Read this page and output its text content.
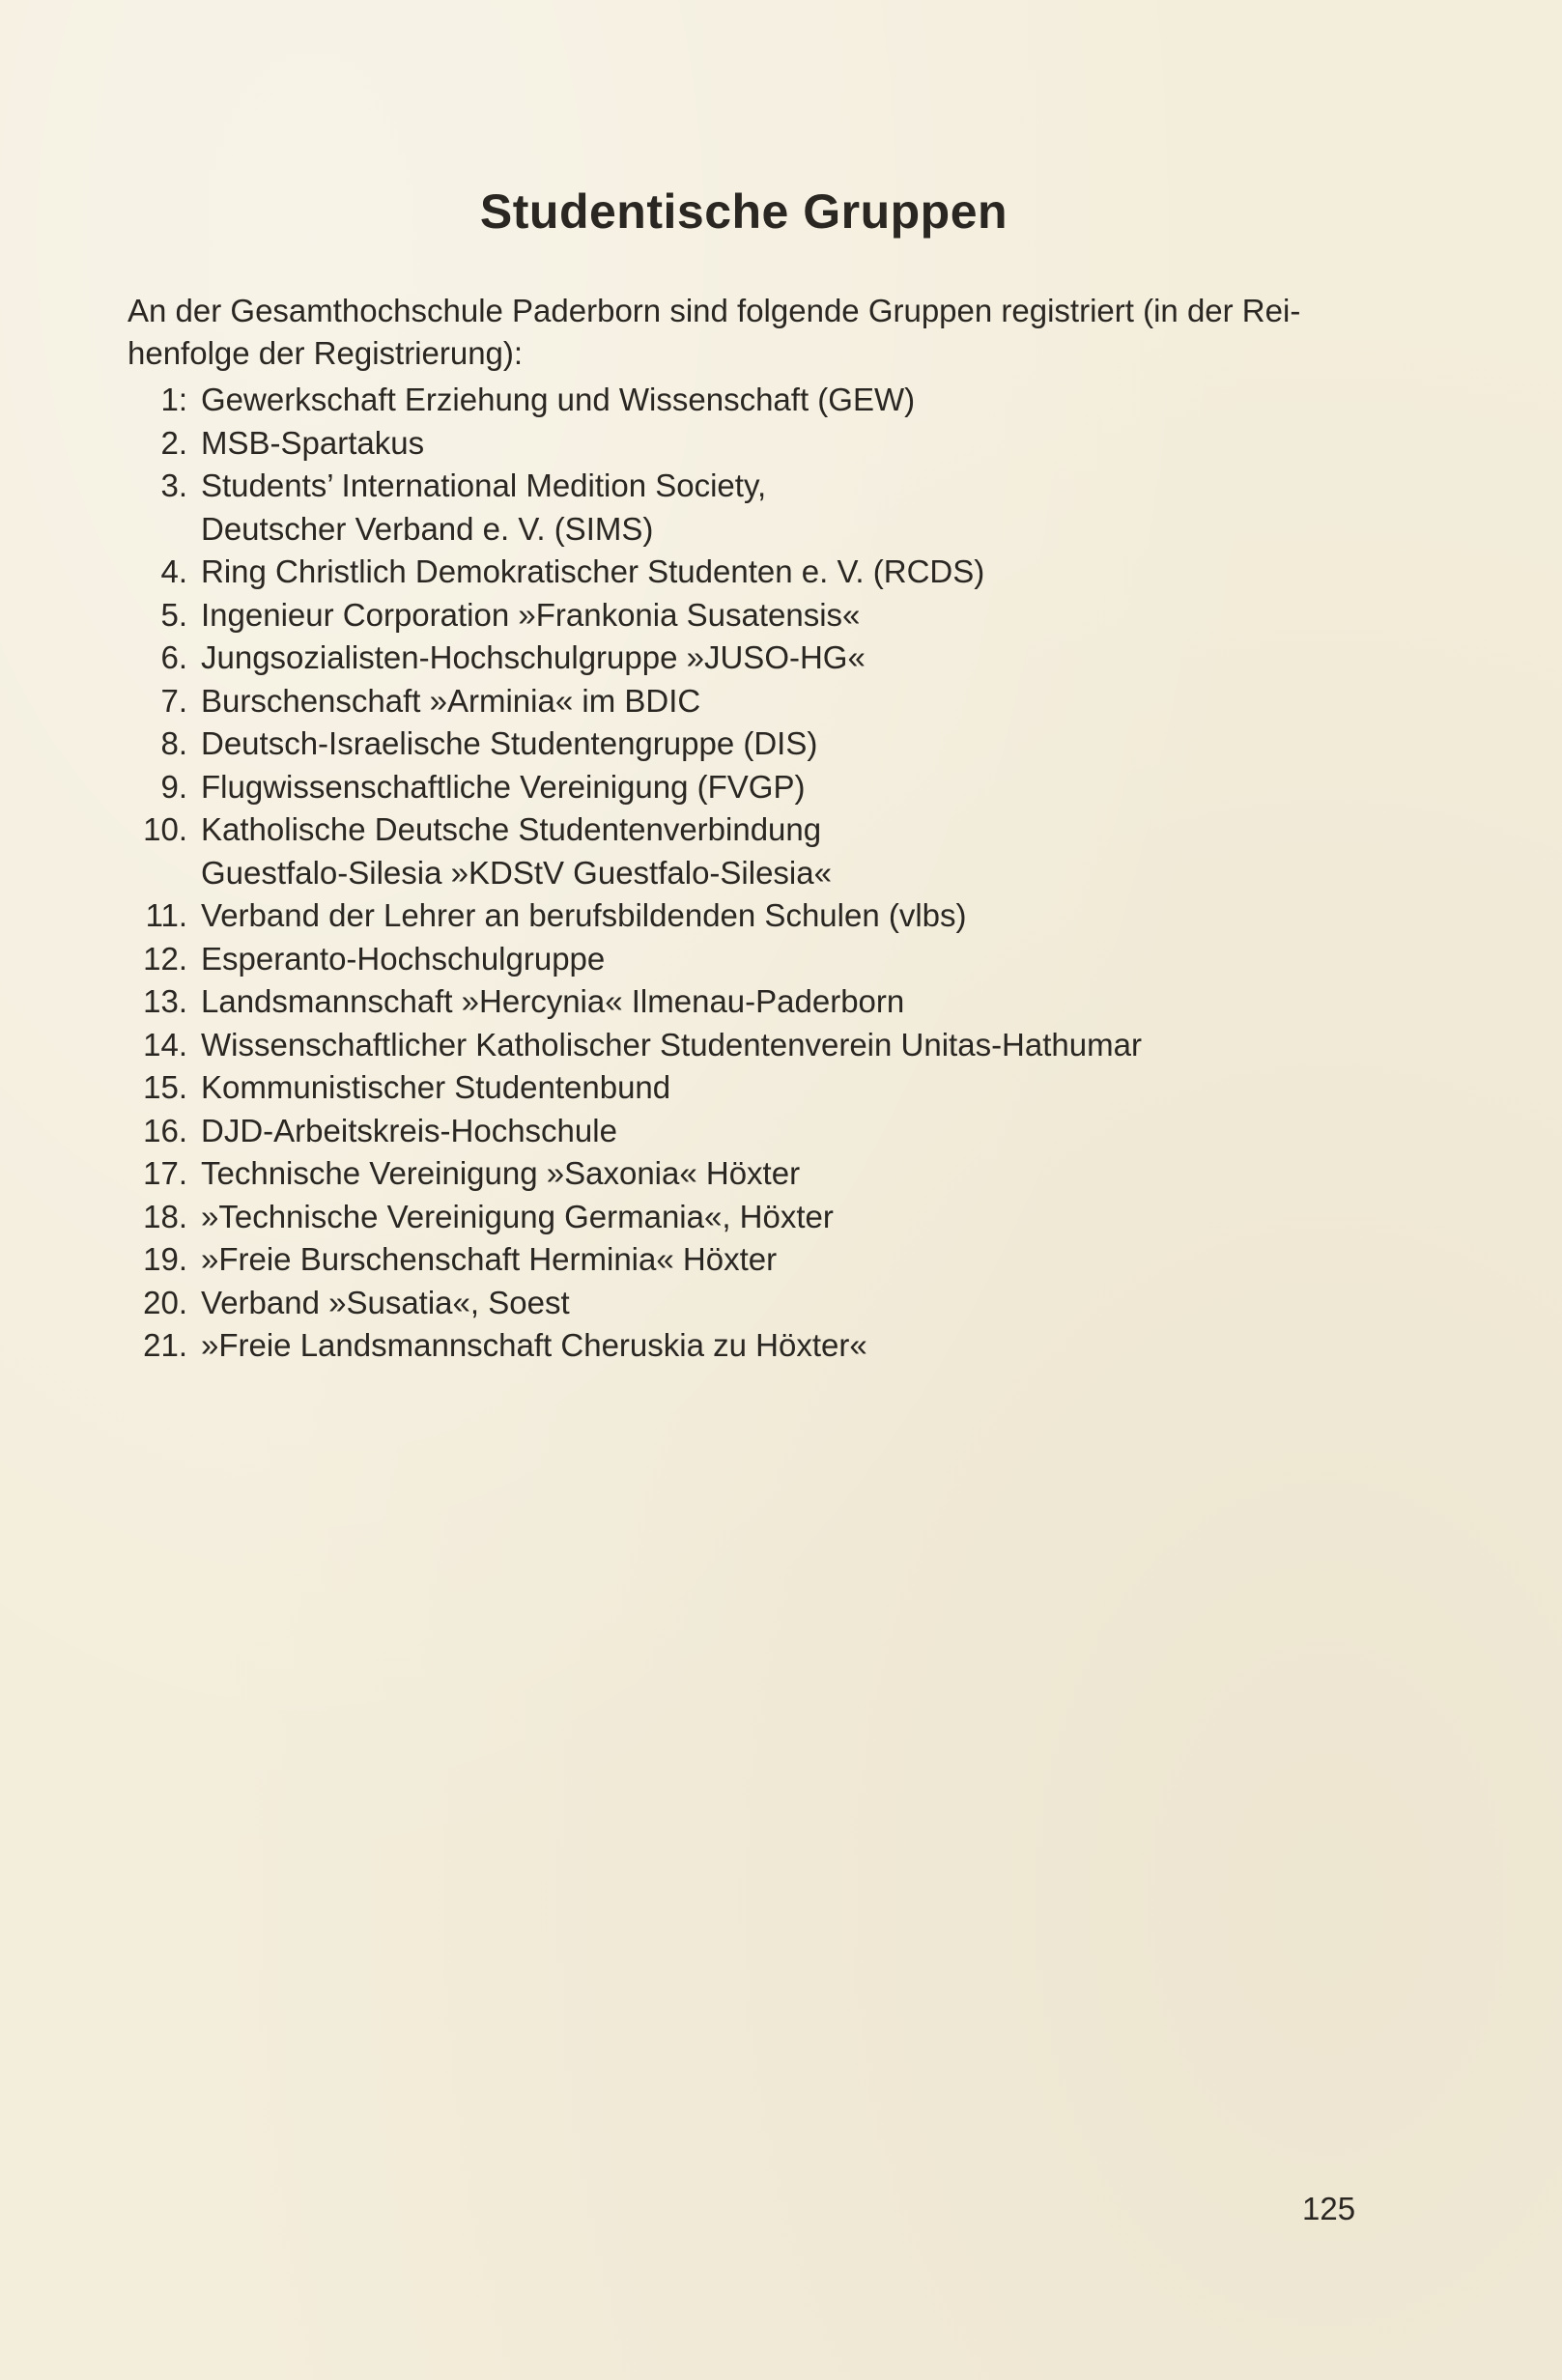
Studentische Gruppen

An der Gesamthochschule Paderborn sind folgende Gruppen registriert (in der Rei-
henfolge der Registrierung):

1: Gewerkschaft Erziehung und Wissenschaft (GEW)
2. MSB-Spartakus
3. Students’ International Medition Society,
Deutscher Verband e. V. (SIMS)
4. Ring Christlich Demokratischer Studenten e. V. (RCDS)
5. Ingenieur Corporation »Frankonia Susatensis«
6. Jungsozialisten-Hochschulgruppe »JUSO-HG«
7. Burschenschaft »Arminia« im BDIC
8. Deutsch-Israelische Studentengruppe (DIS)
9. Flugwissenschaftliche Vereinigung (FVGP)
10. Katholische Deutsche Studentenverbindung
Guestfalo-Silesia »KDStV Guestfalo-Silesia«
11. Verband der Lehrer an berufsbildenden Schulen (vlbs)
12. Esperanto-Hochschulgruppe
13. Landsmannschaft »Hercynia« Ilmenau-Paderborn
14. Wissenschaftlicher Katholischer Studentenverein Unitas-Hathumar
15. Kommunistischer Studentenbund
16. DJD-Arbeitskreis-Hochschule
17. Technische Vereinigung »Saxonia« Höxter
18. »Technische Vereinigung Germania«, Höxter
19. »Freie Burschenschaft Herminia« Höxter
20. Verband »Susatia«, Soest
21. »Freie Landsmannschaft Cheruskia zu Höxter«

125
